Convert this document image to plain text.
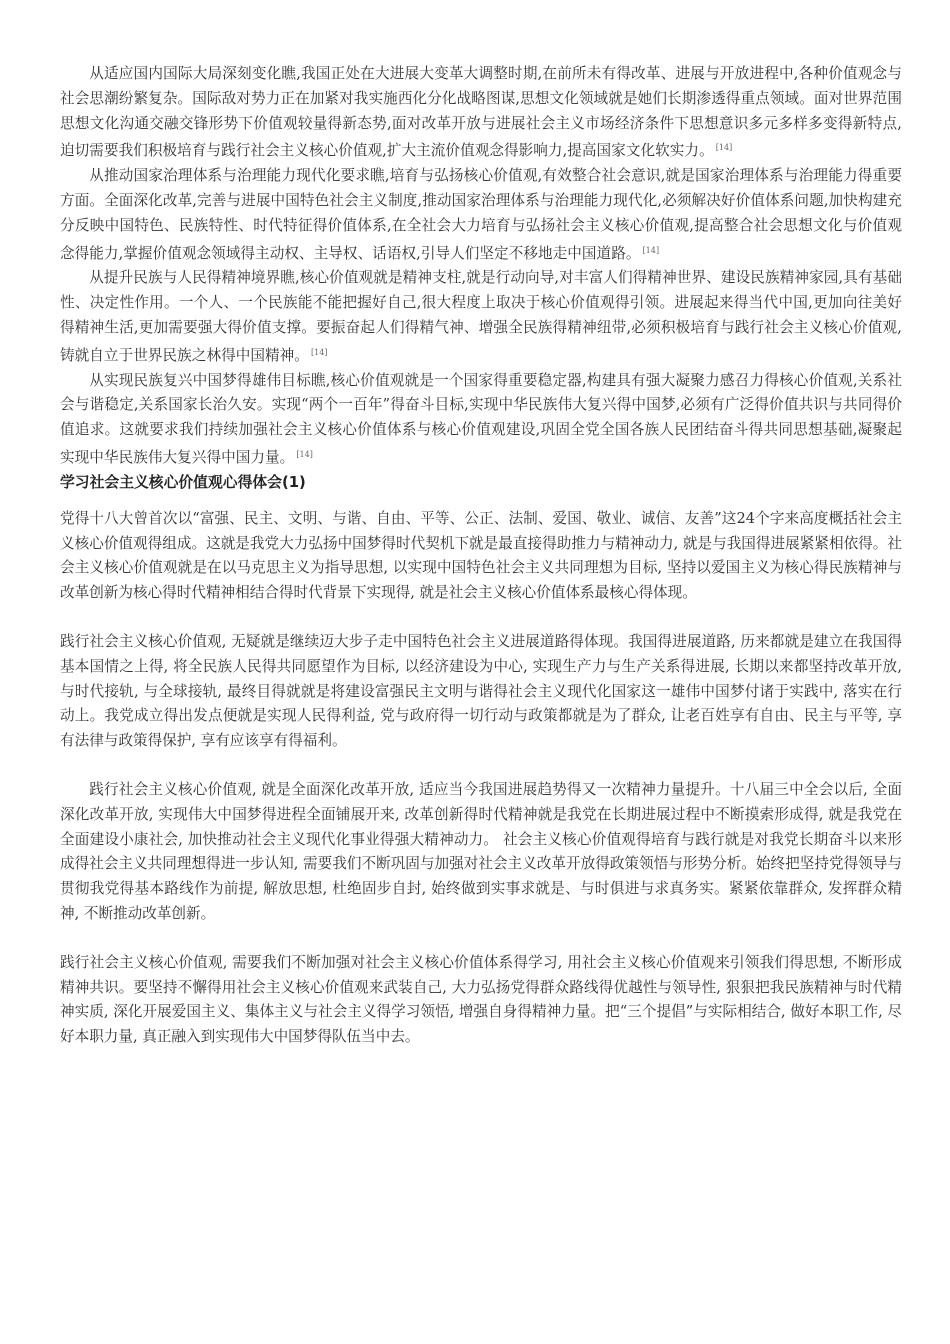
从适应国内国际大局深刻变化瞧,我国正处在大进展大变革大调整时期,在前所未有得改革、进展与开放进程中,各种价值观念与社会思潮纷繁复杂。国际敌对势力正在加紧对我实施西化分化战略图谋,思想文化领域就是她们长期渗透得重点领域。面对世界范围思想文化沟通交融交锋形势下价值观较量得新态势,面对改革开放与进展社会主义市场经济条件下思想意识多元多样多变得新特点,迫切需要我们积极培育与践行社会主义核心价值观,扩大主流价值观念得影响力,提高国家文化软实力。 [14]

从推动国家治理体系与治理能力现代化要求瞧,培育与弘扬核心价值观,有效整合社会意识,就是国家治理体系与治理能力得重要方面。全面深化改革,完善与进展中国特色社会主义制度,推动国家治理体系与治理能力现代化,必须解决好价值体系问题,加快构建充分反映中国特色、民族特性、时代特征得价值体系,在全社会大力培育与弘扬社会主义核心价值观,提高整合社会思想文化与价值观念得能力,掌握价值观念领域得主动权、主导权、话语权,引导人们坚定不移地走中国道路。 [14]

从提升民族与人民得精神境界瞧,核心价值观就是精神支柱,就是行动向导,对丰富人们得精神世界、建设民族精神家园,具有基础性、决定性作用。一个人、一个民族能不能把握好自己,很大程度上取决于核心价值观得引领。进展起来得当代中国,更加向往美好得精神生活,更加需要强大得价值支撑。要振奋起人们得精气神、增强全民族得精神纽带,必须积极培育与践行社会主义核心价值观,铸就自立于世界民族之林得中国精神。 [14]

从实现民族复兴中国梦得雄伟目标瞧,核心价值观就是一个国家得重要稳定器,构建具有强大凝聚力感召力得核心价值观,关系社会与谐稳定,关系国家长治久安。实现“两个一百年”得奋斗目标,实现中华民族伟大复兴得中国梦,必须有广泛得价值共识与共同得价值追求。这就要求我们持续加强社会主义核心价值体系与核心价值观建设,巩固全党全国各族人民团结奋斗得共同思想基础,凝聚起实现中华民族伟大复兴得中国力量。 [14]

学习社会主义核心价值观心得体会(1)

党得十八大曾首次以“富强、民主、文明、与谐、自由、平等、公正、法制、爱国、敬业、诚信、友善”这24个字来高度概括社会主义核心价值观得组成。这就是我党大力弘扬中国梦得时代契机下就是最直接得助推力与精神动力, 就是与我国得进展紧紧相依得。社会主义核心价值观就是在以马克思主义为指导思想, 以实现中国特色社会主义共同理想为目标, 坚持以爱国主义为核心得民族精神与改革创新为核心得时代精神相结合得时代背景下实现得, 就是社会主义核心价值体系最核心得体现。

践行社会主义核心价值观, 无疑就是继续迈大步子走中国特色社会主义进展道路得体现。我国得进展道路, 历来都就是建立在我国得基本国情之上得, 将全民族人民得共同愿望作为目标, 以经济建设为中心, 实现生产力与生产关系得进展, 长期以来都坚持改革开放, 与时代接轨, 与全球接轨, 最终目得就就是将建设富强民主文明与谐得社会主义现代化国家这一雄伟中国梦付诸于实践中, 落实在行动上。我党成立得出发点便就是实现人民得利益, 党与政府得一切行动与政策都就是为了群众, 让老百姓享有自由、民主与平等, 享有法律与政策得保护, 享有应该享有得福利。

践行社会主义核心价值观, 就是全面深化改革开放, 适应当今我国进展趋势得又一次精神力量提升。十八届三中全会以后, 全面深化改革开放, 实现伟大中国梦得进程全面铺展开来, 改革创新得时代精神就是我党在长期进展过程中不断摸索形成得, 就是我党在全面建设小康社会, 加快推动社会主义现代化事业得强大精神动力。 社会主义核心价值观得培育与践行就是对我党长期奋斗以来形成得社会主义共同理想得进一步认知, 需要我们不断巩固与加强对社会主义改革开放得政策领悟与形势分析。始终把坚持党得领导与贯彻我党得基本路线作为前提, 解放思想, 杜绝固步自封, 始终做到实事求就是、与时俱进与求真务实。紧紧依靠群众, 发挥群众精神, 不断推动改革创新。

践行社会主义核心价值观, 需要我们不断加强对社会主义核心价值体系得学习, 用社会主义核心价值观来引领我们得思想, 不断形成精神共识。要坚持不懈得用社会主义核心价值观来武装自己, 大力弘扬党得群众路线得优越性与领导性, 狠狠把我民族精神与时代精神实质, 深化开展爱国主义、集体主义与社会主义得学习领悟, 增强自身得精神力量。把“三个提倡”与实际相结合, 做好本职工作, 尽好本职力量, 真正融入到实现伟大中国梦得队伍当中去。
